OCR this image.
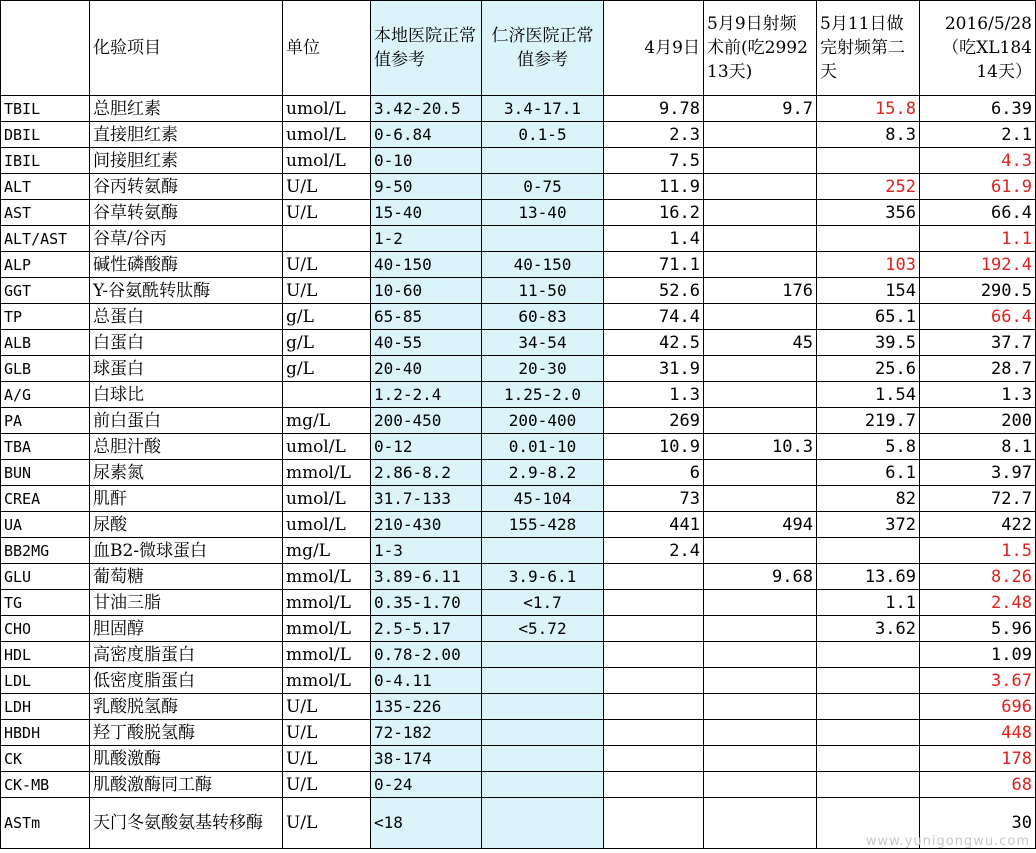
	化验项目	单位	本地医院正常值参考	仁济医院正常值参考	4月9日	5月9日射频术前(吃2992 13天)	5月11日做完射频第二天	2016/5/28（吃XL184 14天）
TBIL	总胆红素	umol/L	3.42-20.5	3.4-17.1	9.78	9.7	15.8	6.39
DBIL	直接胆红素	umol/L	0-6.84	0.1-5	2.3		8.3	2.1
IBIL	间接胆红素	umol/L	0-10		7.5			4.3
ALT	谷丙转氨酶	U/L	9-50	0-75	11.9		252	61.9
AST	谷草转氨酶	U/L	15-40	13-40	16.2		356	66.4
ALT/AST	谷草/谷丙		1-2		1.4			1.1
ALP	碱性磷酸酶	U/L	40-150	40-150	71.1		103	192.4
GGT	Y-谷氨酰转肽酶	U/L	10-60	11-50	52.6	176	154	290.5
TP	总蛋白	g/L	65-85	60-83	74.4		65.1	66.4
ALB	白蛋白	g/L	40-55	34-54	42.5	45	39.5	37.7
GLB	球蛋白	g/L	20-40	20-30	31.9		25.6	28.7
A/G	白球比		1.2-2.4	1.25-2.0	1.3		1.54	1.3
PA	前白蛋白	mg/L	200-450	200-400	269		219.7	200
TBA	总胆汁酸	umol/L	0-12	0.01-10	10.9	10.3	5.8	8.1
BUN	尿素氮	mmol/L	2.86-8.2	2.9-8.2	6		6.1	3.97
CREA	肌酐	umol/L	31.7-133	45-104	73		82	72.7
UA	尿酸	umol/L	210-430	155-428	441	494	372	422
BB2MG	血B2-微球蛋白	mg/L	1-3		2.4			1.5
GLU	葡萄糖	mmol/L	3.89-6.11	3.9-6.1		9.68	13.69	8.26
TG	甘油三脂	mmol/L	0.35-1.70	<1.7			1.1	2.48
CHO	胆固醇	mmol/L	2.5-5.17	<5.72			3.62	5.96
HDL	高密度脂蛋白	mmol/L	0.78-2.00					1.09
LDL	低密度脂蛋白	mmol/L	0-4.11					3.67
LDH	乳酸脱氢酶	U/L	135-226					696
HBDH	羟丁酸脱氢酶	U/L	72-182					448
CK	肌酸激酶	U/L	38-174					178
CK-MB	肌酸激酶同工酶	U/L	0-24					68
ASTm	天门冬氨酸氨基转移酶	U/L	<18					30
www.yunigongwu.com
